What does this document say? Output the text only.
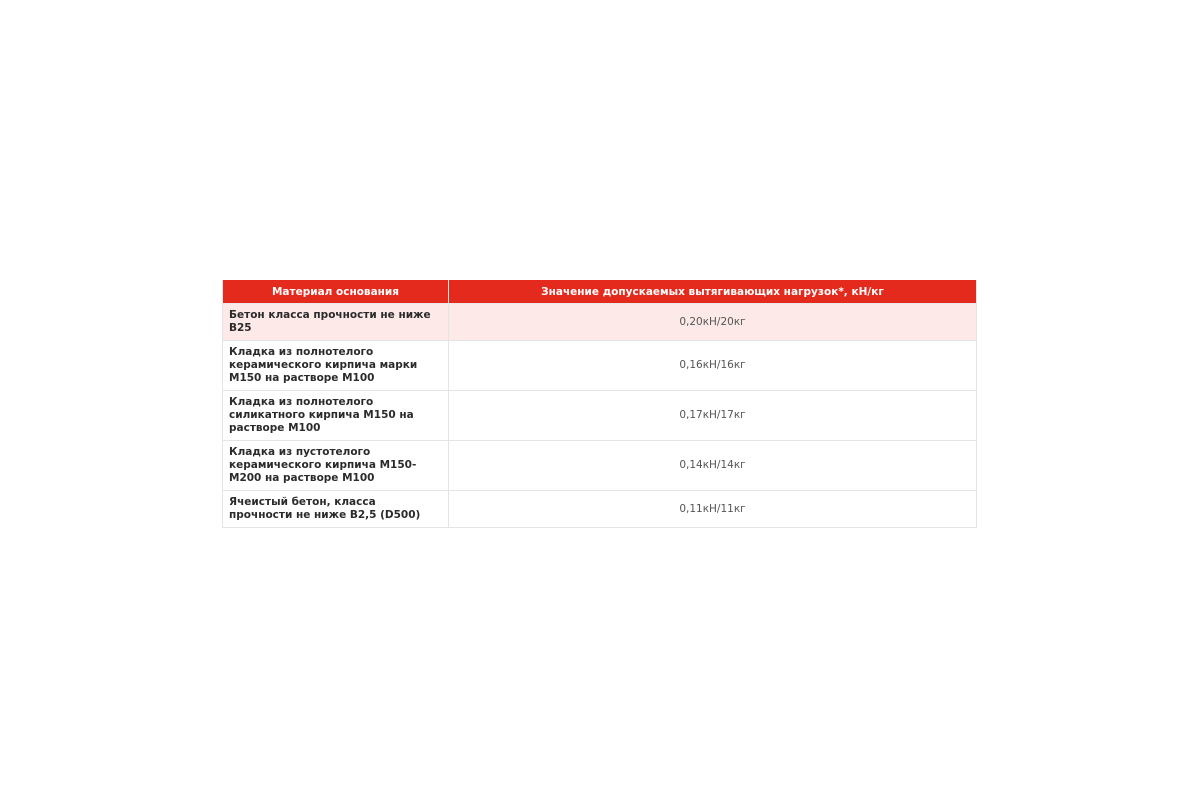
Материал основания	Значение допускаемых вытягивающих нагрузок*, кН/кг
Бетон класса прочности не ниже В25	0,20кН/20кг
Кладка из полнотелого керамического кирпича марки М150 на растворе М100	0,16кН/16кг
Кладка из полнотелого силикатного кирпича М150 на растворе М100	0,17кН/17кг
Кладка из пустотелого керамического кирпича М150-М200 на растворе М100	0,14кН/14кг
Ячеистый бетон, класса прочности не ниже В2,5 (D500)	0,11кН/11кг
